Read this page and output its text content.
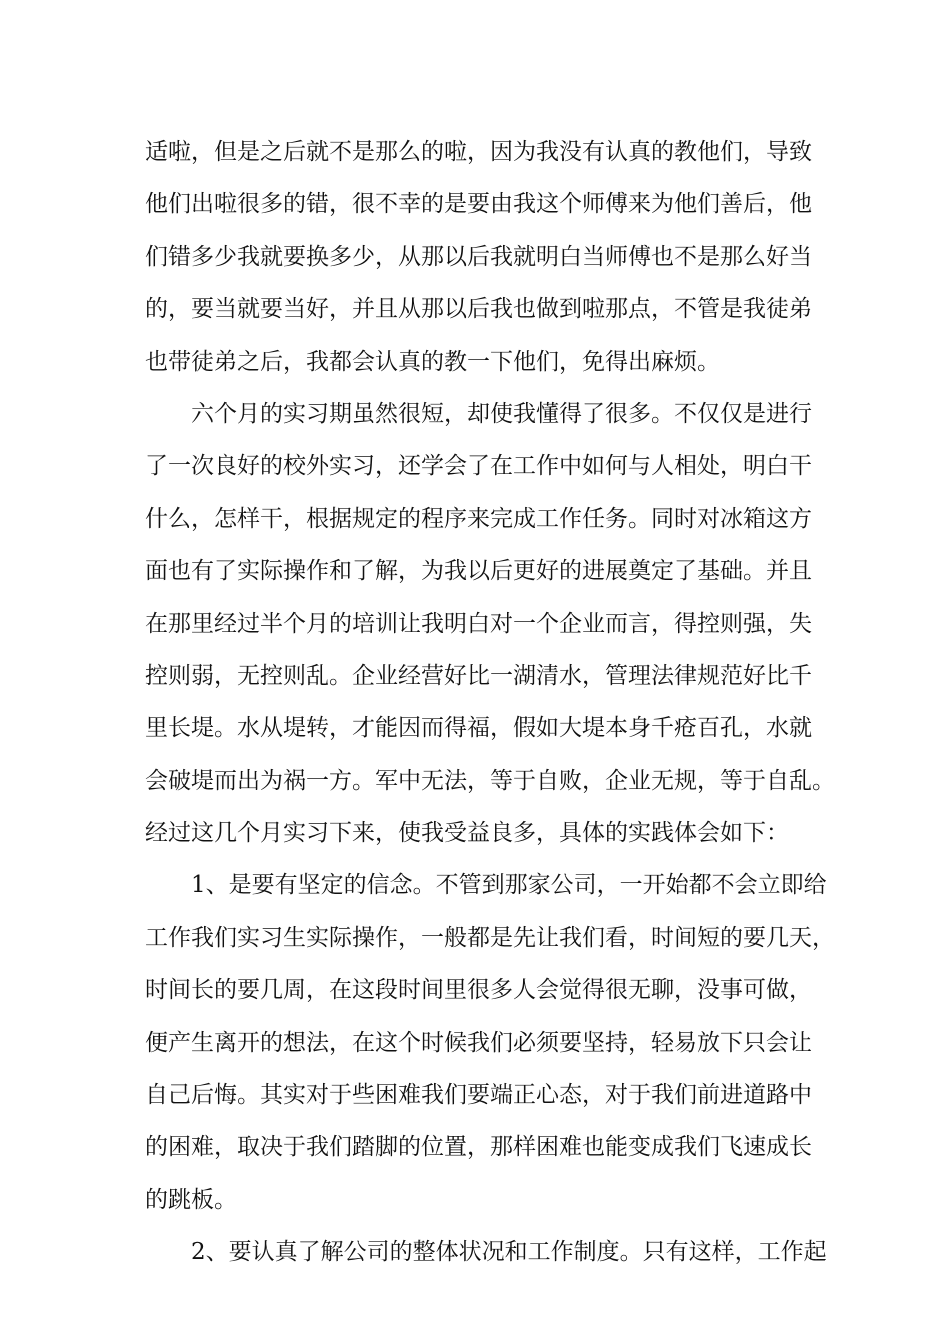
适啦，但是之后就不是那么的啦，因为我没有认真的教他们，导致
他们出啦很多的错，很不幸的是要由我这个师傅来为他们善后，他
们错多少我就要换多少，从那以后我就明白当师傅也不是那么好当
的，要当就要当好，并且从那以后我也做到啦那点，不管是我徒弟
也带徒弟之后，我都会认真的教一下他们，免得出麻烦。
六个月的实习期虽然很短，却使我懂得了很多。不仅仅是进行
了一次良好的校外实习，还学会了在工作中如何与人相处，明白干
什么，怎样干，根据规定的程序来完成工作任务。同时对冰箱这方
面也有了实际操作和了解，为我以后更好的进展奠定了基础。并且
在那里经过半个月的培训让我明白对一个企业而言，得控则强，失
控则弱，无控则乱。企业经营好比一湖清水，管理法律规范好比千
里长堤。水从堤转，才能因而得福，假如大堤本身千疮百孔，水就
会破堤而出为祸一方。军中无法，等于自败，企业无规，等于自乱。
经过这几个月实习下来，使我受益良多，具体的实践体会如下：
1、是要有坚定的信念。不管到那家公司，一开始都不会立即给
工作我们实习生实际操作，一般都是先让我们看，时间短的要几天，
时间长的要几周，在这段时间里很多人会觉得很无聊，没事可做，
便产生离开的想法，在这个时候我们必须要坚持，轻易放下只会让
自己后悔。其实对于些困难我们要端正心态，对于我们前进道路中
的困难，取决于我们踏脚的位置，那样困难也能变成我们飞速成长
的跳板。
2、要认真了解公司的整体状况和工作制度。只有这样，工作起
